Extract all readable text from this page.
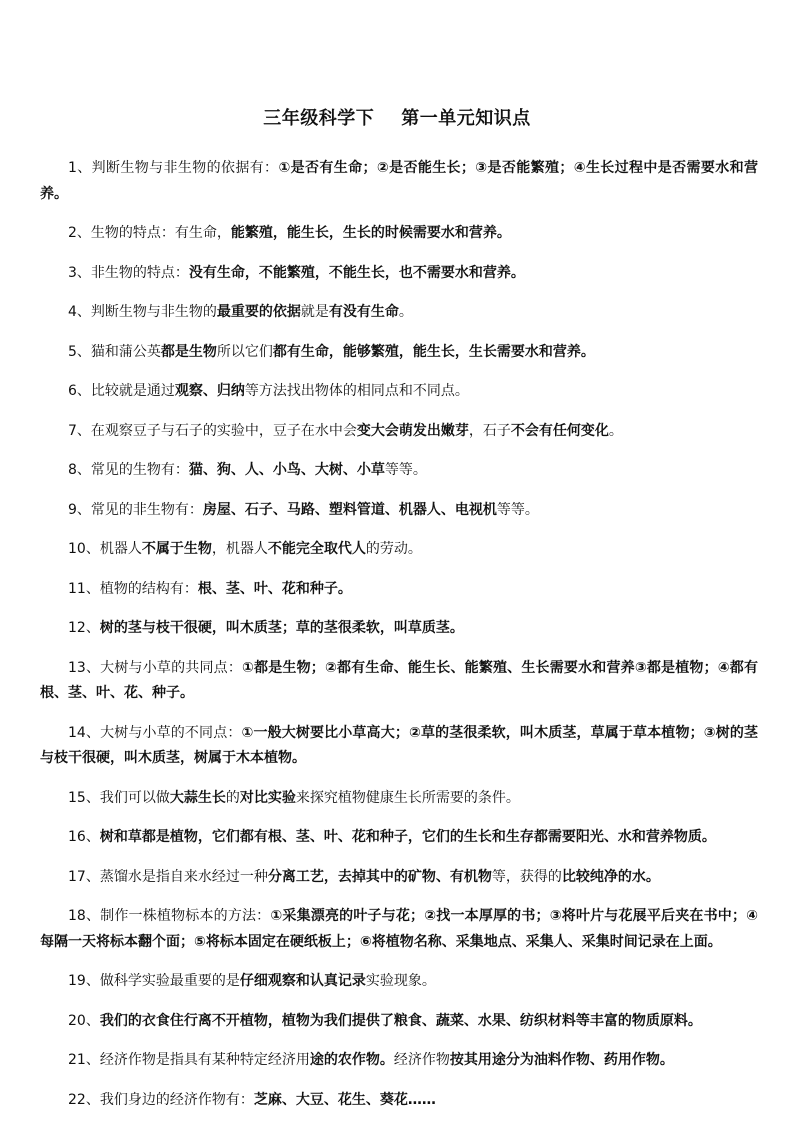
三年级科学下    第一单元知识点

1、判断生物与非生物的依据有：①是否有生命；②是否能生长；③是否能繁殖；④生长过程中是否需要水和营养。

2、生物的特点：有生命，能繁殖，能生长，生长的时候需要水和营养。

3、非生物的特点：没有生命，不能繁殖，不能生长，也不需要水和营养。

4、判断生物与非生物的最重要的依据就是有没有生命。

5、猫和蒲公英都是生物所以它们都有生命，能够繁殖，能生长，生长需要水和营养。

6、比较就是通过观察、归纳等方法找出物体的相同点和不同点。

7、在观察豆子与石子的实验中，豆子在水中会变大会萌发出嫩芽，石子不会有任何变化。

8、常见的生物有：猫、狗、人、小鸟、大树、小草等等。

9、常见的非生物有：房屋、石子、马路、塑料管道、机器人、电视机等等。

10、机器人不属于生物，机器人不能完全取代人的劳动。

11、植物的结构有：根、茎、叶、花和种子。

12、树的茎与枝干很硬，叫木质茎；草的茎很柔软，叫草质茎。

13、大树与小草的共同点：①都是生物；②都有生命、能生长、能繁殖、生长需要水和营养③都是植物；④都有根、茎、叶、花、种子。

14、大树与小草的不同点：①一般大树要比小草高大；②草的茎很柔软，叫木质茎，草属于草本植物；③树的茎与枝干很硬，叫木质茎，树属于木本植物。

15、我们可以做大蒜生长的对比实验来探究植物健康生长所需要的条件。

16、树和草都是植物，它们都有根、茎、叶、花和种子，它们的生长和生存都需要阳光、水和营养物质。

17、蒸馏水是指自来水经过一种分离工艺，去掉其中的矿物、有机物等，获得的比较纯净的水。

18、制作一株植物标本的方法：①采集漂亮的叶子与花；②找一本厚厚的书；③将叶片与花展平后夹在书中；④每隔一天将标本翻个面；⑤将标本固定在硬纸板上；⑥将植物名称、采集地点、采集人、采集时间记录在上面。

19、做科学实验最重要的是仔细观察和认真记录实验现象。

20、我们的衣食住行离不开植物，植物为我们提供了粮食、蔬菜、水果、纺织材料等丰富的物质原料。

21、经济作物是指具有某种特定经济用途的农作物。经济作物按其用途分为油料作物、药用作物。

22、我们身边的经济作物有：芝麻、大豆、花生、葵花……
